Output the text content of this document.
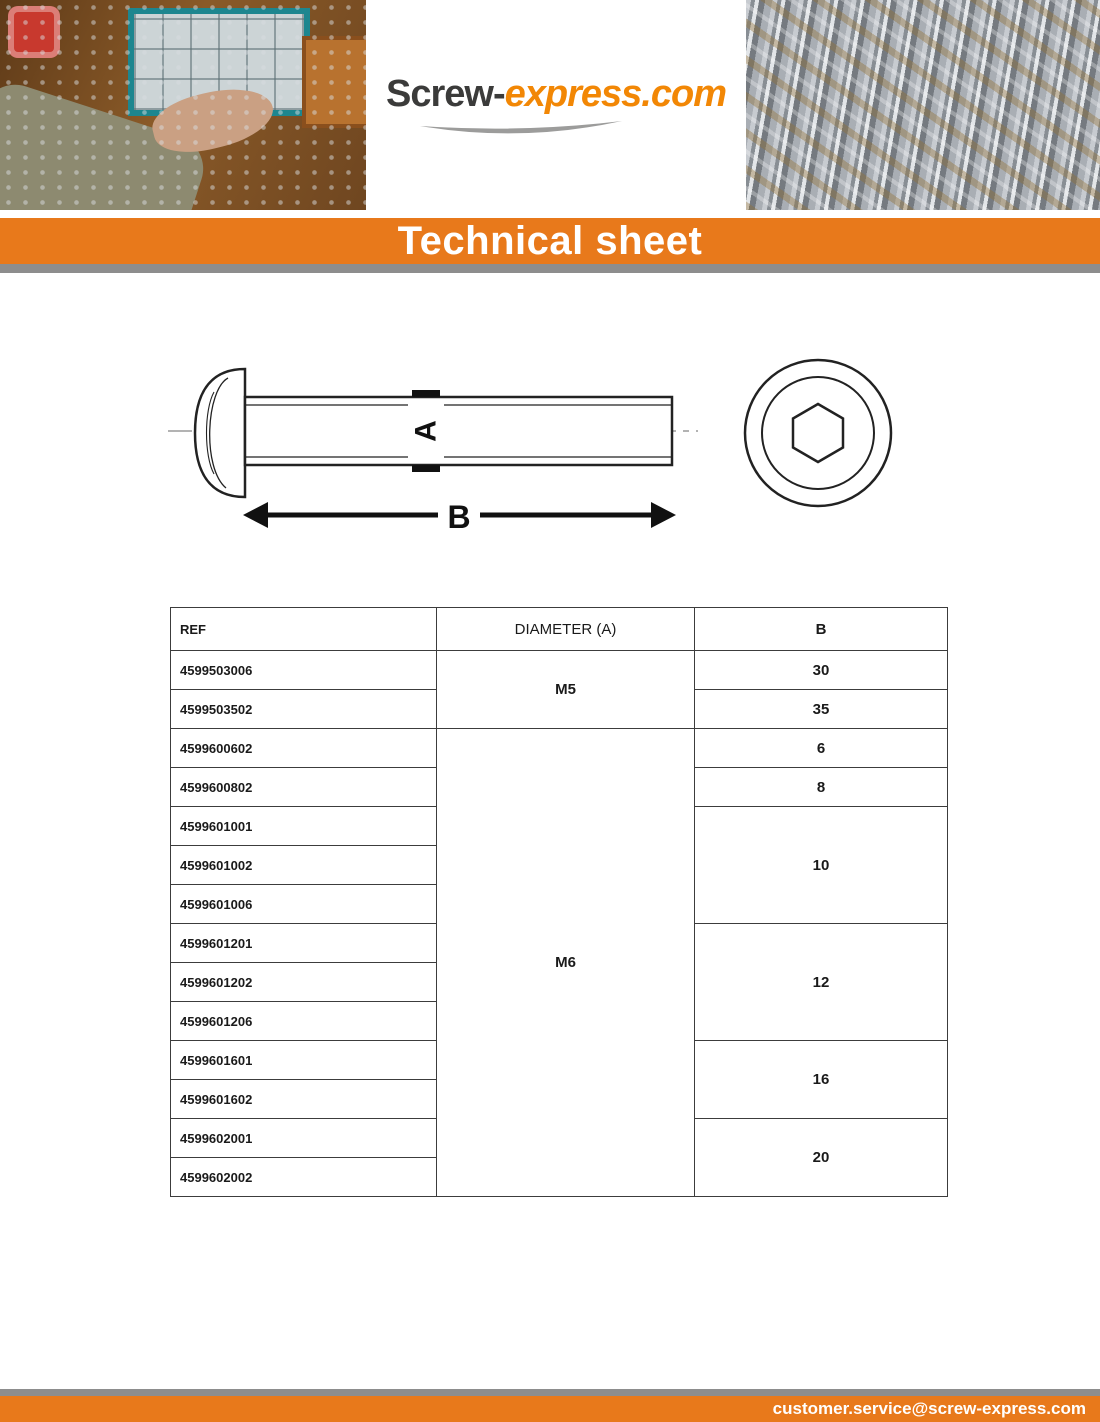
Screw-express.com
Technical sheet
A
B
REF	DIAMETER (A)	B
4599503006	M5	30
4599503502		35
4599600602	M6	6
4599600802		8
4599601001		10
4599601002		
4599601006		
4599601201		12
4599601202		
4599601206		
4599601601		16
4599601602		
4599602001		20
4599602002		
customer.service@screw-express.com
